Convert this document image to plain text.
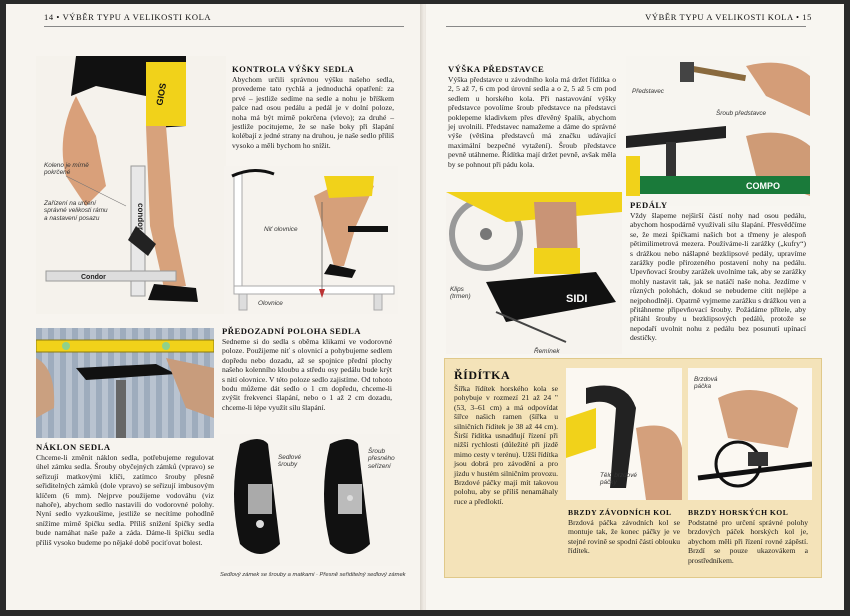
14 • VÝBĚR TYPU A VELIKOSTI KOLA
GIOS
condor
Condor
Koleno je mírně pokrčené
Zařízení na určení správné velikosti rámu a nastavení posazu
KONTROLA VÝŠKY SEDLA
Abychom určili správnou výšku našeho sedla, provedeme tato rychlá a jednoduchá opatření: za prvé – jestliže sedíme na sedle a nohu je bříškem palce nad osou pedálu a pedál je v dolní poloze, noha má být mírně pokrčena (vlevo); za druhé – jestliže pocitujeme, že se naše boky při šlapání kolébají z jedné strany na druhou, je naše sedlo příliš vysoko a měli bychom ho snížit.
Niť olovnice
Olovnice
PŘEDOZADNÍ POLOHA SEDLA
Sedneme si do sedla s oběma klikami ve vodorovné poloze. Použijeme niť s olovnicí a pohybujeme sedlem dopředu nebo dozadu, až se spojnice přední plochy našeho kolenního kloubu a středu osy pedálu bude krýt s nití olovnice. V této poloze sedlo zajistíme. Od tohoto bodu můžeme dát sedlo o 1 cm dopředu, chceme-li zvýšit frekvenci šlapání, nebo o 1 až 2 cm dozadu, chceme-li lépe využít sílu šlapání.
NÁKLON SEDLA
Chceme-li změnit náklon sedla, potřebujeme regulovat úhel zámku sedla. Šrouby obyčejných zámků (vpravo) se seřizují matkovými klíči, zatímco šrouby přesně seřiditelných zámků (dole vpravo) se seřizují imbusovým klíčem (6 mm). Nejprve použijeme vodováhu (viz nahoře), abychom sedlo nastavili do vodorovné polohy. Nyní sedlo vyzkoušíme, jestliže se necítíme pohodlně snížíme mírně špičku sedla. Příliš snížení špičky sedla bude namáhat naše paže a záda. Dáme-li špičku sedla příliš vysoko budeme po nějaké době pociťovat bolest.
Sedlové šrouby
Šroub přesného seřízení
Sedlový zámek se šrouby a matkami · Přesně seřiditelný sedlový zámek
VÝBĚR TYPU A VELIKOSTI KOLA • 15
VÝŠKA PŘEDSTAVCE
Výška představce u závodního kola má držet řídítka o 2, 5 až 7, 6 cm pod úrovní sedla a o 2, 5 až 5 cm pod sedlem u horského kola. Při nastavování výšky představce povolíme šroub představce na představci poklepeme kladivkem přes dřevěný špalík, abychom jej uvolnili. Představec namažeme a dáme do správné výše (většina představců má značku udávající maximální bezpečné vytažení). Šroub představce pevně utáhneme. Řídítka mají držet pevně, avšak měla by se pohnout při pádu kola.
COMPO
Představec
Šroub představce
SIDI
Klips (trmen)
Řemínek
PEDÁLY
Vždy šlapeme nejširší částí nohy nad osou pedálu, abychom hospodárně využívali sílu šlapání. Přesvědčíme se, že mezi špičkami našich bot a třmeny je alespoň pětimilimetrová mezera. Používáme-li zarážky („kufry“) s drážkou nebo nášlapné bezklipsové pedály, upravíme zarážky podle přirozeného postavení nohy na pedálu. Upevňovací šrouby zarážek uvolníme tak, aby se zarážky mohly nastavit tak, jak se natáčí naše noha. Jezdíme v různých polohách, dokud se nebudeme cítit nejlépe a nejpohodlněji. Opatrně vyjmeme zarážku s drážkou ven a přitáhneme připevňovací šrouby. Požádáme přítele, aby přitáhl šrouby u bezklipsových pedálů, protože se nepodaří uvolnit nohu z pedálu bez posunutí upínací destičky.
ŘÍDÍTKA
Šířka řídítek horského kola se pohybuje v rozmezí 21 až 24 " (53, 3–61 cm) a má odpovídat šířce našich ramen (šířka u silničních řídítek je 38 až 44 cm). Širší řídítka usnadňují řízení při nižší rychlosti (důležité při jízdě mimo cesty v terénu). Užší řídítka jsou dobrá pro závodění a pro jízdu v hustém silničním provozu. Brzdové páčky mají mít takovou polohu, aby se příliš nenamáhaly ruce a předloktí.
Tělo brzdové páčky
Brzdová páčka
BRZDY ZÁVODNÍCH KOL
Brzdová páčka závodních kol se montuje tak, že konec páčky je ve stejné rovině se spodní částí oblouku řídítek.
BRZDY HORSKÝCH KOL
Podstatné pro určení správné polohy brzdových páček horských kol je, abychom měli při řízení rovné zápěstí. Brzdí se pouze ukazovákem a prostředníkem.
